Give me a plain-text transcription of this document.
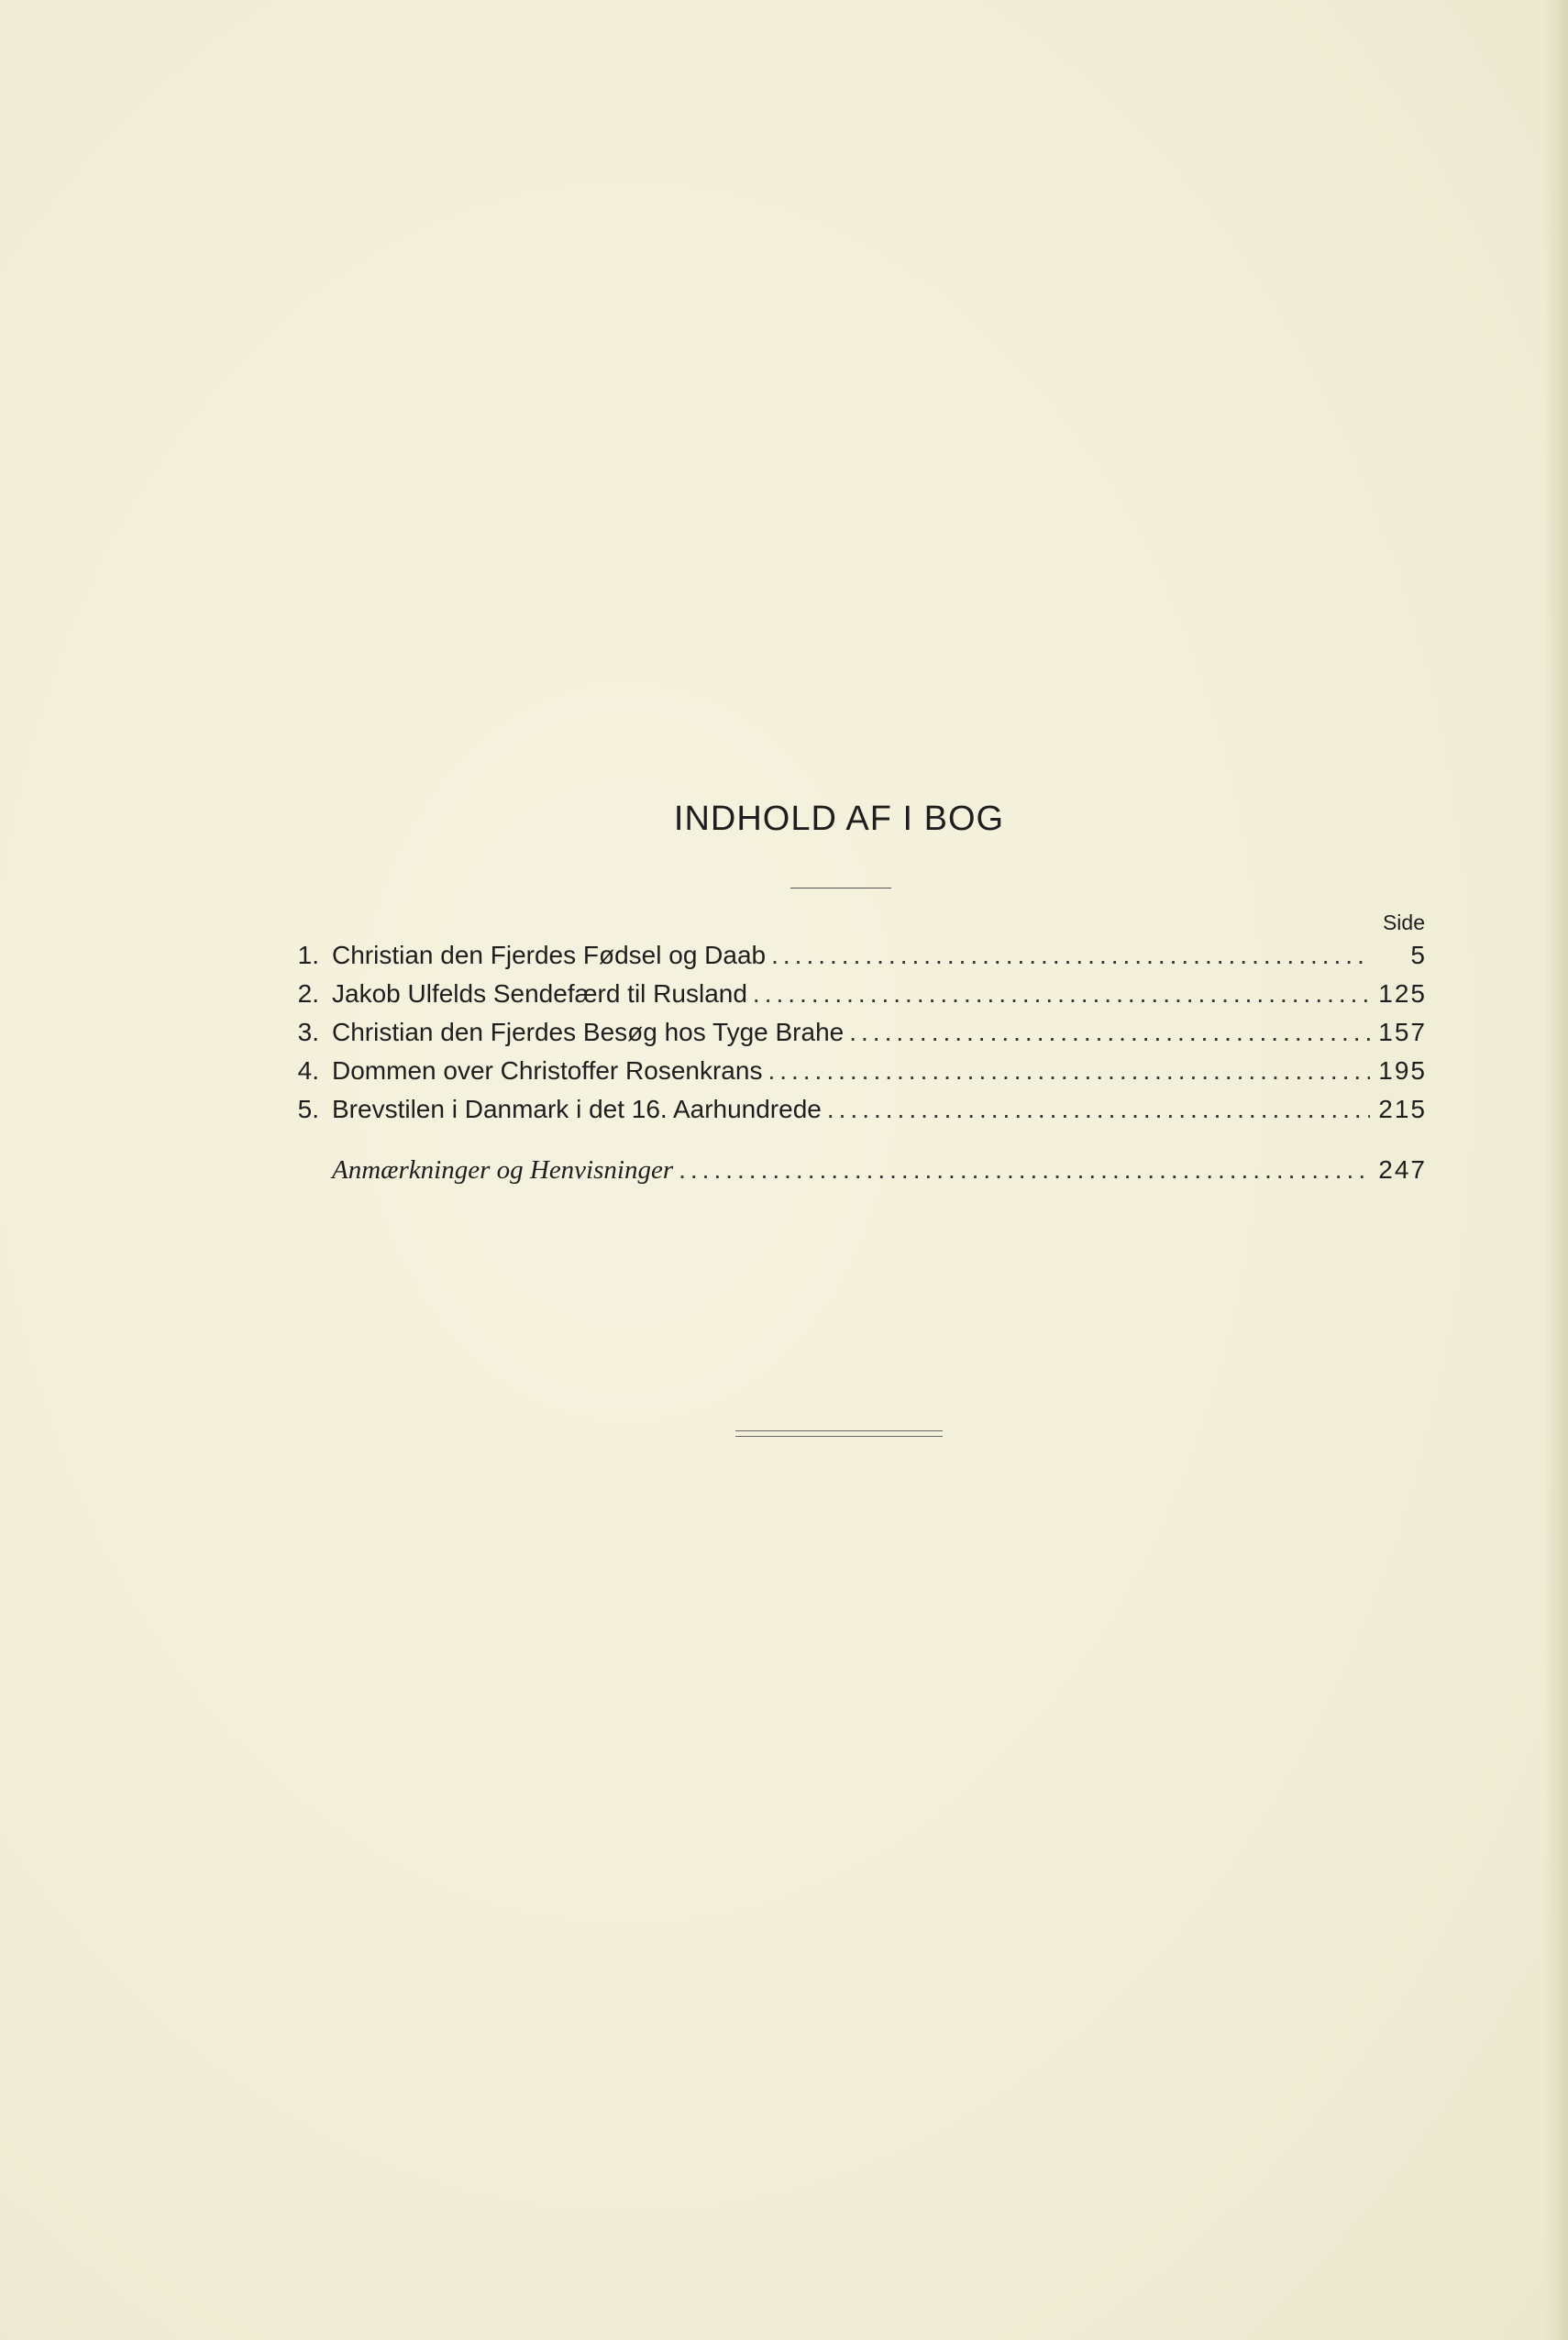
INDHOLD AF I BOG
Side
1. Christian den Fjerdes Fødsel og Daab .....	5
2. Jakob Ulfelds Sendefærd til Rusland .....	125
3. Christian den Fjerdes Besøg hos Tyge Brahe .....	157
4. Dommen over Christoffer Rosenkrans .....	195
5. Brevstilen i Danmark i det 16. Aarhundrede .....	215
Anmærkninger og Henvisninger .....	247
